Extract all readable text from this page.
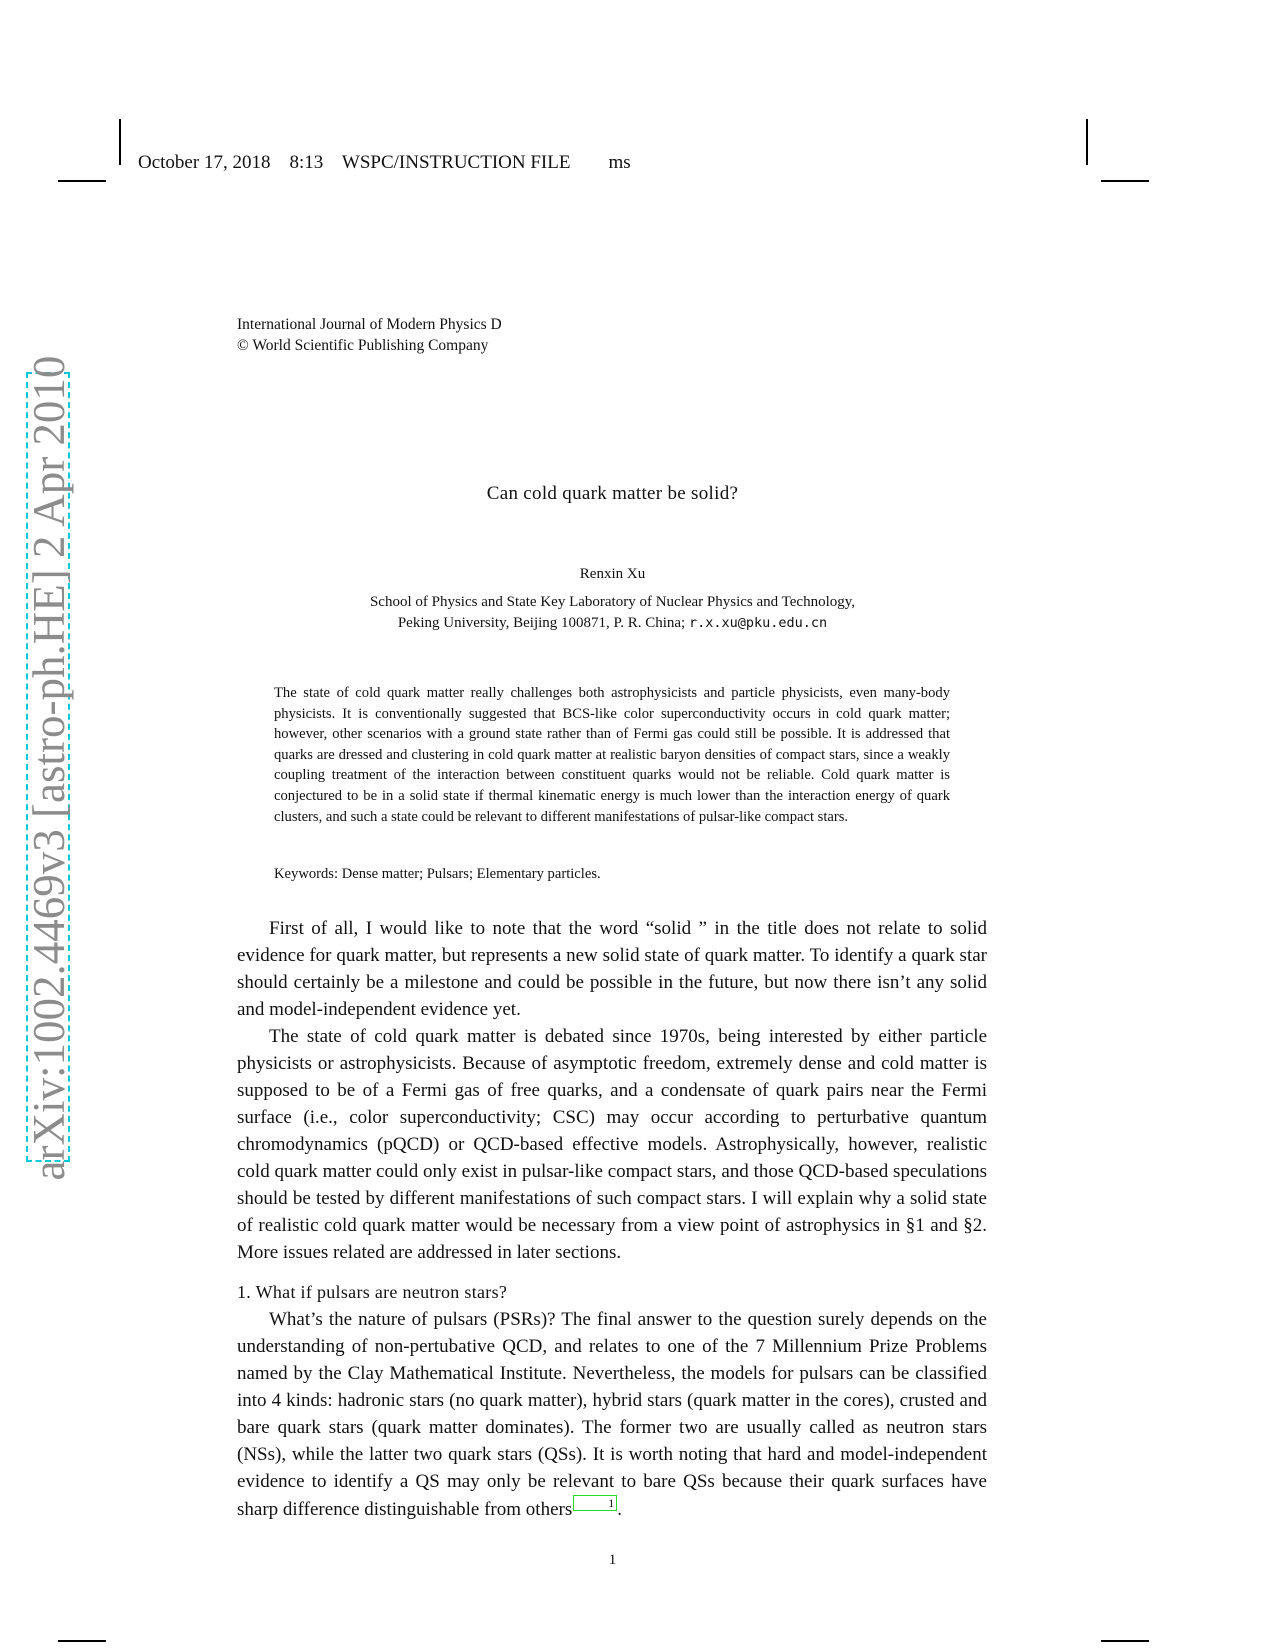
October 17, 2018 8:13 WSPC/INSTRUCTION FILE ms
arXiv:1002.4469v3 [astro-ph.HE] 2 Apr 2010
International Journal of Modern Physics D
© World Scientific Publishing Company
Can cold quark matter be solid?
Renxin Xu
School of Physics and State Key Laboratory of Nuclear Physics and Technology,
Peking University, Beijing 100871, P. R. China; r.x.xu@pku.edu.cn
The state of cold quark matter really challenges both astrophysicists and particle physicists, even many-body physicists. It is conventionally suggested that BCS-like color superconductivity occurs in cold quark matter; however, other scenarios with a ground state rather than of Fermi gas could still be possible. It is addressed that quarks are dressed and clustering in cold quark matter at realistic baryon densities of compact stars, since a weakly coupling treatment of the interaction between constituent quarks would not be reliable. Cold quark matter is conjectured to be in a solid state if thermal kinematic energy is much lower than the interaction energy of quark clusters, and such a state could be relevant to different manifestations of pulsar-like compact stars.
Keywords: Dense matter; Pulsars; Elementary particles.

First of all, I would like to note that the word “solid ” in the title does not relate to solid evidence for quark matter, but represents a new solid state of quark matter. To identify a quark star should certainly be a milestone and could be possible in the future, but now there isn’t any solid and model-independent evidence yet.

The state of cold quark matter is debated since 1970s, being interested by either particle physicists or astrophysicists. Because of asymptotic freedom, extremely dense and cold matter is supposed to be of a Fermi gas of free quarks, and a condensate of quark pairs near the Fermi surface (i.e., color superconductivity; CSC) may occur according to perturbative quantum chromodynamics (pQCD) or QCD-based effective models. Astrophysically, however, realistic cold quark matter could only exist in pulsar-like compact stars, and those QCD-based speculations should be tested by different manifestations of such compact stars. I will explain why a solid state of realistic cold quark matter would be necessary from a view point of astrophysics in §1 and §2. More issues related are addressed in later sections.

1. What if pulsars are neutron stars?

What’s the nature of pulsars (PSRs)? The final answer to the question surely depends on the understanding of non-pertubative QCD, and relates to one of the 7 Millennium Prize Problems named by the Clay Mathematical Institute. Nevertheless, the models for pulsars can be classified into 4 kinds: hadronic stars (no quark matter), hybrid stars (quark matter in the cores), crusted and bare quark stars (quark matter dominates). The former two are usually called as neutron stars (NSs), while the latter two quark stars (QSs). It is worth noting that hard and model-independent evidence to identify a QS may only be relevant to bare QSs because their quark surfaces have sharp difference distinguishable from others	1 .

1
